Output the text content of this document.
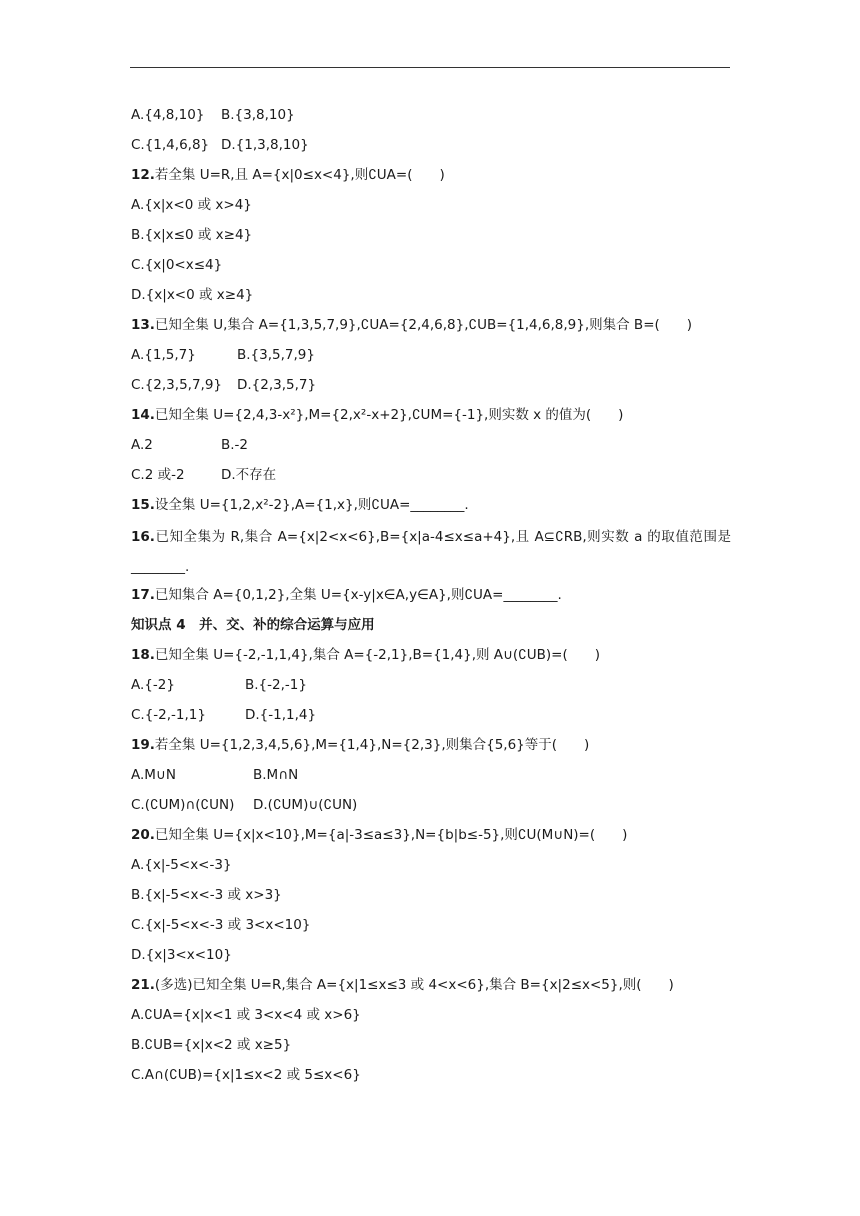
A.{4,8,10} B.{3,8,10}
C.{1,4,6,8} D.{1,3,8,10}
12.若全集 U=R,且 A={x|0≤x<4},则∁UA=(　　)
A.{x|x<0 或 x>4}
B.{x|x≤0 或 x≥4}
C.{x|0<x≤4}
D.{x|x<0 或 x≥4}
13.已知全集 U,集合 A={1,3,5,7,9},∁UA={2,4,6,8},∁UB={1,4,6,8,9},则集合 B=(　　)
A.{1,5,7}	B.{3,5,7,9}
C.{2,3,5,7,9} D.{2,3,5,7}
14.已知全集 U={2,4,3-x²},M={2,x²-x+2},∁UM={-1},则实数 x 的值为(　　)
A.2	B.-2
C.2 或-2	D.不存在
15.设全集 U={1,2,x²-2},A={1,x},则∁UA=________.
16.已知全集为 R,集合 A={x|2<x<6},B={x|a-4≤x≤a+4},且 A⊆∁RB,则实数 a 的取值范围是 ________.
17.已知集合 A={0,1,2},全集 U={x-y|x∈A,y∈A},则∁UA=________.
知识点 4　并、交、补的综合运算与应用
18.已知全集 U={-2,-1,1,4},集合 A={-2,1},B={1,4},则 A∪(∁UB)=(　　)
A.{-2}	B.{-2,-1}
C.{-2,-1,1}	D.{-1,1,4}
19.若全集 U={1,2,3,4,5,6},M={1,4},N={2,3},则集合{5,6}等于(　　)
A.M∪N	B.M∩N
C.(∁UM)∩(∁UN) D.(∁UM)∪(∁UN)
20.已知全集 U={x|x<10},M={a|-3≤a≤3},N={b|b≤-5},则∁U(M∪N)=(　　)
A.{x|-5<x<-3}
B.{x|-5<x<-3 或 x>3}
C.{x|-5<x<-3 或 3<x<10}
D.{x|3<x<10}
21.(多选)已知全集 U=R,集合 A={x|1≤x≤3 或 4<x<6},集合 B={x|2≤x<5},则(　　)
A.∁UA={x|x<1 或 3<x<4 或 x>6}
B.∁UB={x|x<2 或 x≥5}
C.A∩(∁UB)={x|1≤x<2 或 5≤x<6}
